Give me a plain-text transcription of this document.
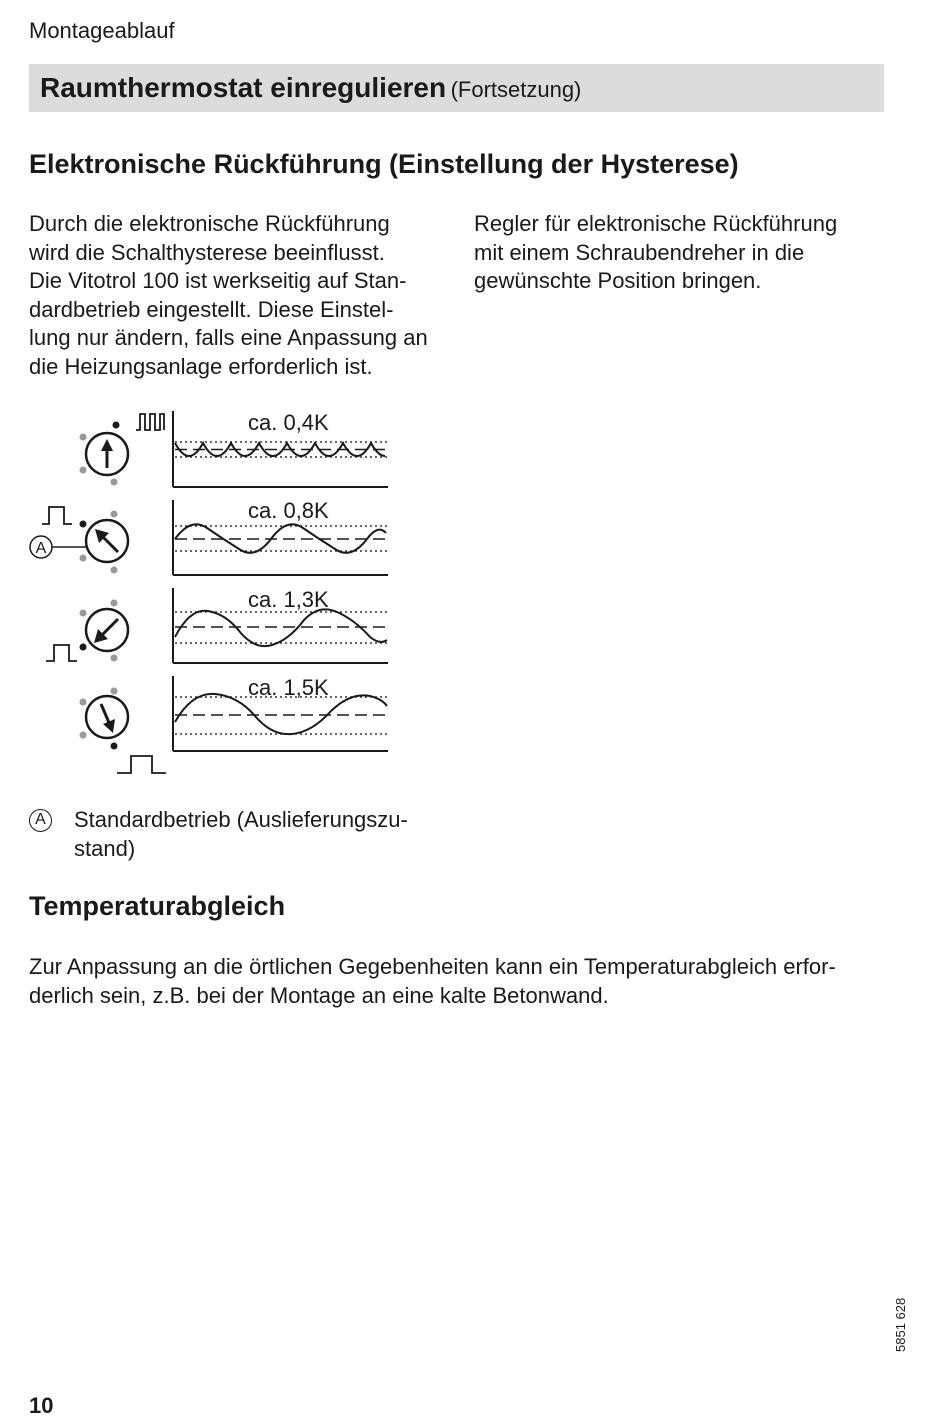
Montageablauf
Raumthermostat einregulieren (Fortsetzung)
Elektronische Rückführung (Einstellung der Hysterese)
Durch die elektronische Rückführung
wird die Schalthysterese beeinflusst.
Die Vitotrol 100 ist werkseitig auf Stan-
dardbetrieb eingestellt. Diese Einstel-
lung nur ändern, falls eine Anpassung an
die Heizungsanlage erforderlich ist.
Regler für elektronische Rückführung
mit einem Schraubendreher in die
gewünschte Position bringen.
ca. 0,4K
A
ca. 0,8K
ca. 1,3K
ca. 1,5K
A Standardbetrieb (Auslieferungszu-
stand)
Temperaturabgleich
Zur Anpassung an die örtlichen Gegebenheiten kann ein Temperaturabgleich erfor-
derlich sein, z.B. bei der Montage an eine kalte Betonwand.
10
5851 628
